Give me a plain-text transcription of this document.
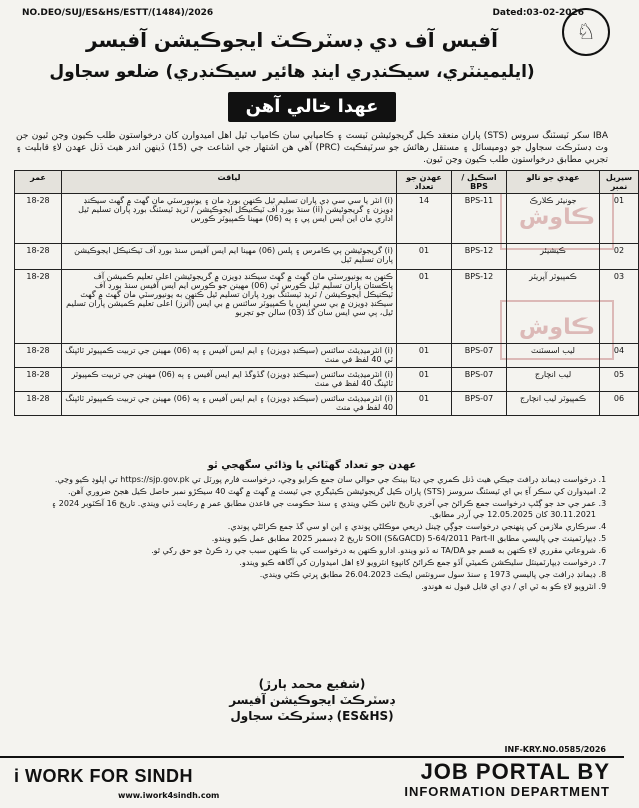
NO.DEO/SUJ/ES&HS/ESTT/(1484)/2026	Dated:03-02-2026
♘
آفيس آف دي ڊسٽرڪٽ ايجوڪيشن آفيسر
(ايليمينٽري، سيڪنڊري اينڊ هائير سيڪنڊري) ضلعو سجاول
عهدا خالي آهن
IBA سکر ٽيسٽنگ سروس (STS) پاران منعقد ڪيل گريجوئيشن ٽيسٽ ۽ ڪاميابي سان ڪامياب ٿيل اهل اميدوارن کان درخواستون طلب ڪيون وڃن ٿيون جن وٽ ڊسٽرڪٽ سجاول جو ڊوميسائل ۽ مستقل رهائش جو سرٽيفڪيٽ (PRC) آهي هن اشتهار جي اشاعت جي (15) ڏينهن اندر هيٺ ڏنل عهدن لاءِ قابليت ۽ تجربي مطابق درخواستون طلب ڪيون وڃن ٿيون.
ڪاوش
ڪاوش
سيريل نمبر	عهدي جو نالو	اسڪيل / BPS	عهدن جو تعداد	لياقت	عمر
01	جونيئر ڪلارڪ	BPS-11	14	(i) انٽر يا سي سي ڊي پاران تسليم ٿيل ڪنهن بورڊ مان ۽ يونيورسٽي مان گهٽ ۾ گهٽ سيڪنڊ ڊويزن ۽ گريجوئيشن (ii) سنڌ بورڊ آف ٽيڪنيڪل ايجوڪيشن / ٽريڊ ٽيسٽنگ بورڊ پاران تسليم ٿيل اداري مان اين ايس ايس پي ۽ ٻه (06) مهينا ڪمپيوٽر ڪورس	18-28
02	ڪيشيئر	BPS-12	01	(i) گريجوئيشن ٻي ڪامرس ۽ پلس (06) مهينا ايم ايس آفيس سنڌ بورڊ آف ٽيڪنيڪل ايجوڪيشن پاران تسليم ٿيل	18-28
03	ڪمپيوٽر آپريٽر	BPS-12	01	ڪنهن به يونيورسٽي مان گهٽ ۾ گهٽ سيڪنڊ ڊويزن ۾ گريجوئيشن اعلى تعليم ڪميشن آف پاڪستان پاران تسليم ٿيل ڪورس ٽي (06) مهينن جو ڪورس ايم ايس آفيس سنڌ بورڊ آف ٽيڪنيڪل ايجوڪيشن / ٽريڊ ٽيسٽنگ بورڊ پاران تسليم ٿيل ڪنهن به يونيورسٽي مان گهٽ ۾ گهٽ سيڪنڊ ڊويزن ۾ بي سي ايس يا ڪمپيوٽر سائنس ۾ بي ايس (آنرز) اعلى تعليم ڪميشن پاران تسليم ٿيل، ٻي سي ايس سان گڏ (03) سالن جو تجربو	18-28
04	ليب اسسٽنٽ	BPS-07	01	(i) انٽرميڊيئٽ سائنس (سيڪنڊ ڊويزن) ۽ ايم ايس آفيس ۽ ٻه (06) مهينن جي تربيت ڪمپيوٽر ٽائپنگ ٽي 40 لفظ في منٽ	18-28
05	ليب انچارج	BPS-07	01	(i) انٽرميڊيئٽ سائنس (سيڪنڊ ڊويزن) گڏوگڏ ايم ايس آفيس ۽ ٻه (06) مهينن جي تربيت ڪمپيوٽر ٽائپنگ 40 لفظ في منٽ	18-28
06	ڪمپيوٽر ليب انچارج	BPS-07	01	(i) انٽرميڊيئٽ سائنس (سيڪنڊ ڊويزن) ۽ ايم ايس آفيس ۽ ٻه (06) مهينن جي تربيت ڪمپيوٽر ٽائپنگ 40 لفظ في منٽ	18-28
عهدن جو تعداد گهٽائي يا وڌائي سگهجي ٿو
1. درخواست ڊيمانڊ ڊرافٽ جيڪي هيٺ ڏنل ڪمري جي ڊيٽا بينڪ جي حوالي سان جمع ڪرايو وڃي، درخواست فارم پورٽل تي https://sjp.gov.pk تي اپلوڊ ڪيو وڃي.
2. اميدوارن کي سڪر آءِ بي اي ٽيسٽنگ سروسز (STS) پاران ڪيل گريجوئيشن ڪيٽيگري جي ٽيسٽ ۾ گهٽ ۾ گهٽ 40 سيڪڙو نمبر حاصل ڪيل هجڻ ضروري آهن.
3. عمر جي حد جو ڳڻپ درخواست جمع ڪرائڻ جي آخري تاريخ تائين ڪئي ويندي ۽ سنڌ حڪومت جي قاعدن مطابق عمر ۾ رعايت ڏني ويندي. تاريخ 16 آڪٽوبر 2024 ۽ 30.11.2021 کان 12.05.2025 جي آرڊر مطابق.
4. سرڪاري ملازمن کي پنهنجي درخواست جوڳي چينل ذريعي موڪلڻي پوندي ۽ اين او سي گڏ جمع ڪرائڻي پوندي.
5. ڊيپارٽمينٽ جي پاليسي مطابق SOII (S&GACD) 5-64/2011 Part-II تاريخ 2 ڊسمبر 2025 مطابق عمل ڪيو ويندو.
6. شروعاتي مقرري لاءِ ڪنهن به قسم جو TA/DA نه ڏنو ويندو. ادارو ڪنهن به درخواست کي بنا ڪنهن سبب جي رد ڪرڻ جو حق رکي ٿو.
7. درخواست ڊيپارٽمينٽل سليڪشن ڪميٽي آڏو جمع ڪرائڻ کانپوءِ انٽرويو لاءِ اهل اميدوارن کي آگاهه ڪيو ويندو.
8. ڊيمانڊ ڊرافٽ جي پاليسي 1973 ۽ سنڌ سول سرونٽس ايڪٽ 26.04.2023 مطابق ڀرتي ڪئي ويندي.
9. انٽرويو لاءِ ڪو به ٽي اي / ڊي اي قابل قبول نه هوندو.
(شفيع محمد ٻارڙ)
ڊسٽرڪٽ ايجوڪيشن آفيسر
(ES&HS) ڊسٽرڪٽ سجاول
INF-KRY.NO.0585/2026
i WORK FOR SINDH
www.iwork4sindh.com
JOB PORTAL BY
INFORMATION DEPARTMENT
